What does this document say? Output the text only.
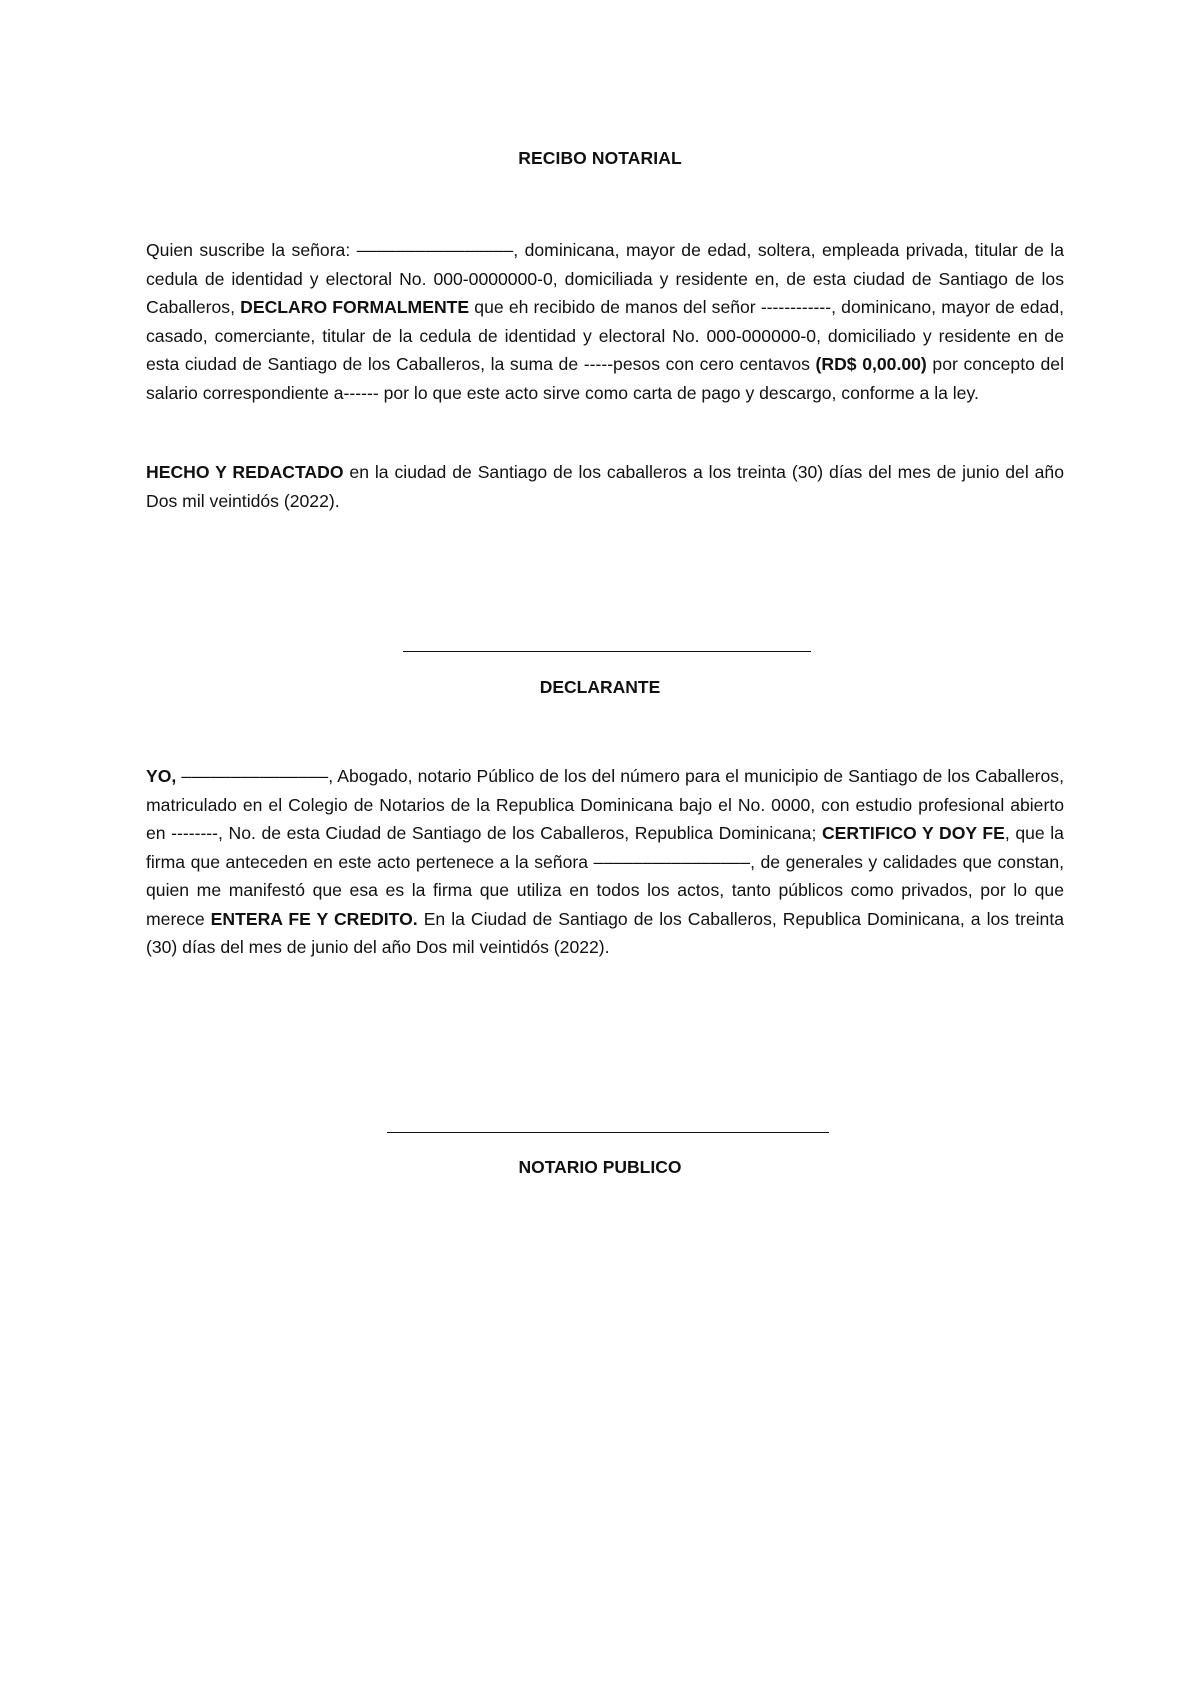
RECIBO NOTARIAL
Quien suscribe la señora: ––––––––––––––––, dominicana, mayor de edad, soltera, empleada privada, titular de la cedula de identidad y electoral No. 000-0000000-0, domiciliada y residente en, de esta ciudad de Santiago de los Caballeros, DECLARO FORMALMENTE que eh recibido de manos del señor ------------, dominicano, mayor de edad, casado, comerciante, titular de la cedula de identidad y electoral No. 000-000000-0, domiciliado y residente en de esta ciudad de Santiago de los Caballeros, la suma de -----pesos con cero centavos (RD$ 0,00.00) por concepto del salario correspondiente a------ por lo que este acto sirve como carta de pago y descargo, conforme a la ley.
HECHO Y REDACTADO en la ciudad de Santiago de los caballeros a los treinta (30) días del mes de junio del año Dos mil veintidós (2022).
DECLARANTE
YO, –––––––––––––––, Abogado, notario Público de los del número para el municipio de Santiago de los Caballeros, matriculado en el Colegio de Notarios de la Republica Dominicana bajo el No. 0000, con estudio profesional abierto en --------, No. de esta Ciudad de Santiago de los Caballeros, Republica Dominicana; CERTIFICO Y DOY FE, que la firma que anteceden en este acto pertenece a la señora ––––––––––––––––, de generales y calidades que constan, quien me manifestó que esa es la firma que utiliza en todos los actos, tanto públicos como privados, por lo que merece ENTERA FE Y CREDITO. En la Ciudad de Santiago de los Caballeros, Republica Dominicana, a los treinta (30) días del mes de junio del año Dos mil veintidós (2022).
NOTARIO PUBLICO
